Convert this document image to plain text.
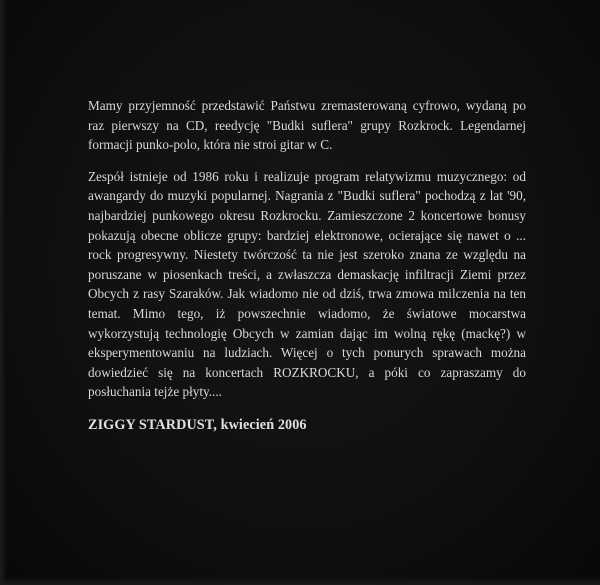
Mamy przyjemność przedstawić Państwu zremasterowaną cyfrowo, wydaną po
raz pierwszy na CD, reedycję "Budki suflera" grupy Rozkrock. Legendarnej
formacji punko-polo, która nie stroi gitar w C.

Zespół istnieje od 1986 roku i realizuje program relatywizmu muzycznego: od
awangardy do muzyki popularnej. Nagrania z "Budki suflera" pochodzą z lat '90,
najbardziej punkowego okresu Rozkrocku. Zamieszczone 2 koncertowe bonusy
pokazują obecne oblicze grupy: bardziej elektronowe, ocierające się nawet o ...
rock progresywny. Niestety twórczość ta nie jest szeroko znana ze względu na
poruszane w piosenkach treści, a zwłaszcza demaskację infiltracji Ziemi przez
Obcych z rasy Szaraków. Jak wiadomo nie od dziś, trwa zmowa milczenia na ten
temat. Mimo tego, iż powszechnie wiadomo, że światowe mocarstwa
wykorzystują technologię Obcych w zamian dając im wolną rękę (mackę?) w
eksperymentowaniu na ludziach. Więcej o tych ponurych sprawach można
dowiedzieć się na koncertach ROZKROCKU, a póki co zapraszamy do
posłuchania tejże płyty....

ZIGGY STARDUST, kwiecień 2006
